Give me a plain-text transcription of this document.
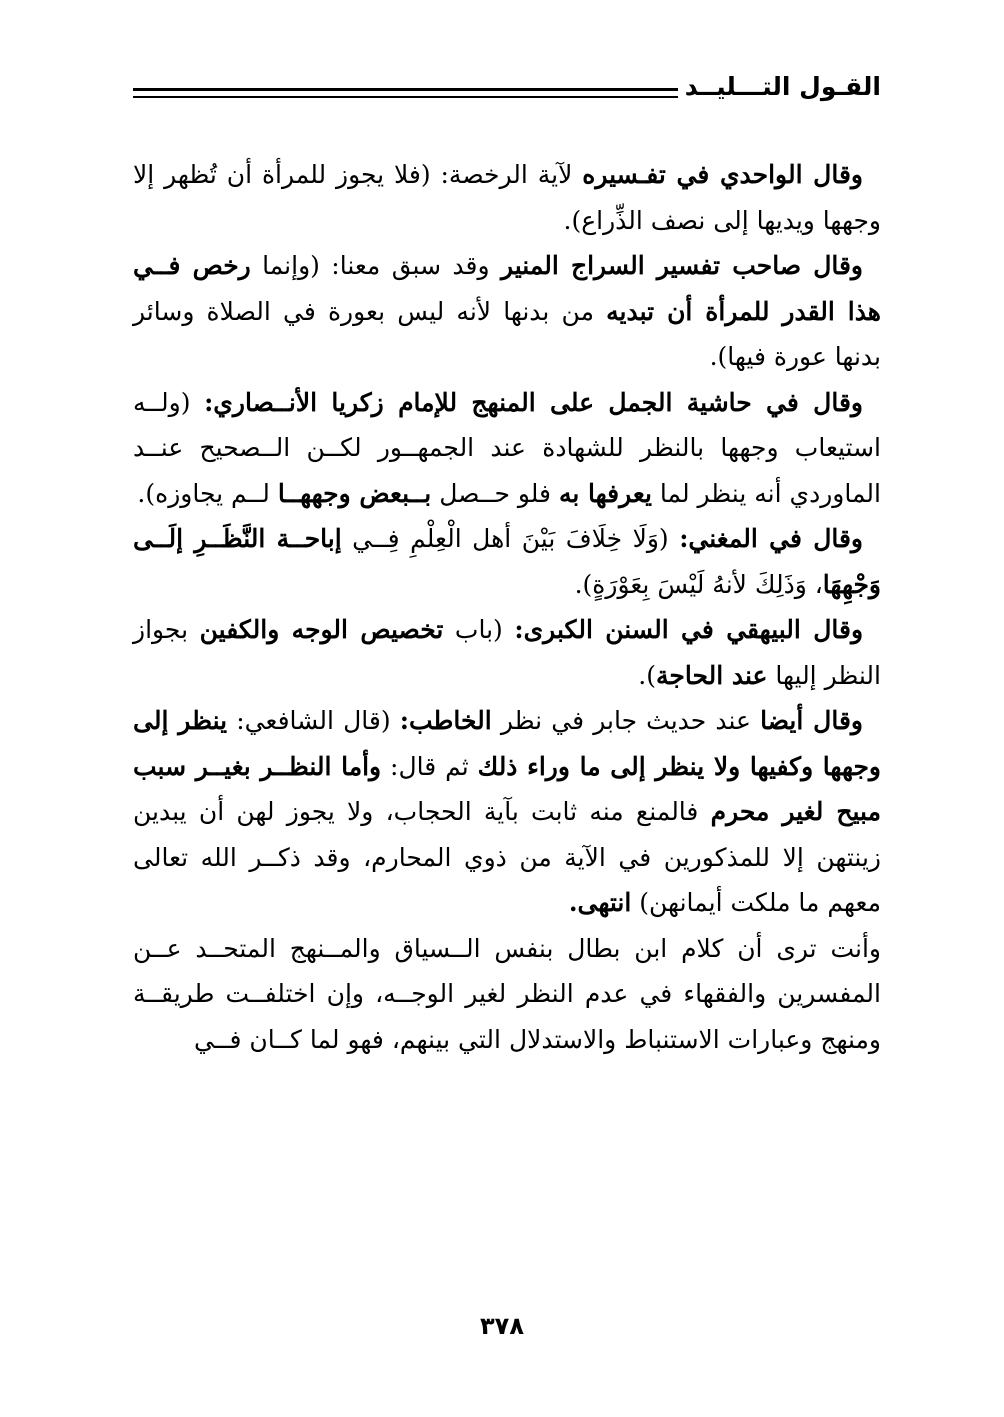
القـول التـــليــد

وقال الواحدي في تفـسيره لآية الرخصة: (فلا يجوز للمرأة أن تُظهر إلا وجهها ويديها إلى نصف الذِّراع).

وقال صاحب تفسير السراج المنير وقد سبق معنا: (وإنما رخص فــي هذا القدر للمرأة أن تبديه من بدنها لأنه ليس بعورة في الصلاة وسائر بدنها عورة فيها).

وقال في حاشية الجمل على المنهج للإمام زكريا الأنــصاري: (ولــه استيعاب وجهها بالنظر للشهادة عند الجمهــور لكــن الــصحيح عنــد الماوردي أنه ينظر لما يعرفها به فلو حــصل بــبعض وجههــا لــم يجاوزه).

وقال في المغني: (وَلَا خِلَافَ بَيْنَ أهل الْعِلْمِ فِــي إباحــة النَّظَــرِ إلَــى وَجْهِهَا، وَذَلِكَ لأنهُ لَيْسَ بِعَوْرَةٍ).

وقال البيهقي في السنن الكبرى: (باب تخصيص الوجه والكفين بجواز النظر إليها عند الحاجة).

وقال أيضا عند حديث جابر في نظر الخاطب: (قال الشافعي: ينظر إلى وجهها وكفيها ولا ينظر إلى ما وراء ذلك ثم قال: وأما النظــر بغيــر سبب مبيح لغير محرم فالمنع منه ثابت بآية الحجاب، ولا يجوز لهن أن يبدين زينتهن إلا للمذكورين في الآية من ذوي المحارم، وقد ذكــر الله تعالى معهم ما ملكت أيمانهن) انتهى.

وأنت ترى أن كلام ابن بطال بنفس الــسياق والمــنهج المتحــد عــن المفسرين والفقهاء في عدم النظر لغير الوجــه، وإن اختلفــت طريقــة ومنهج وعبارات الاستنباط والاستدلال التي بينهم، فهو لما كــان فــي

٣٧٨
